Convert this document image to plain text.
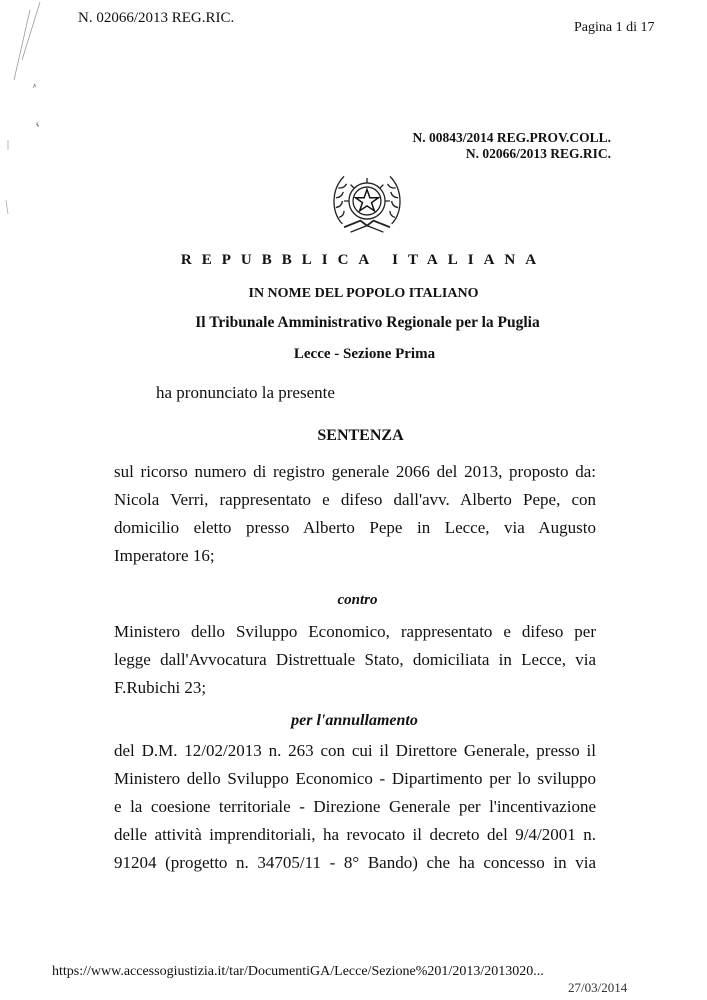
N. 02066/2013 REG.RIC.
Pagina 1 di 17
N. 00843/2014 REG.PROV.COLL.
N. 02066/2013 REG.RIC.
REPUBBLICA ITALIANA
IN NOME DEL POPOLO ITALIANO
Il Tribunale Amministrativo Regionale per la Puglia
Lecce - Sezione Prima
ha pronunciato la presente
SENTENZA
sul ricorso numero di registro generale 2066 del 2013, proposto da:
Nicola Verri, rappresentato e difeso dall'avv. Alberto Pepe, con
domicilio eletto presso Alberto Pepe in Lecce, via Augusto
Imperatore 16;
contro
Ministero dello Sviluppo Economico, rappresentato e difeso per
legge dall'Avvocatura Distrettuale Stato, domiciliata in Lecce, via
F.Rubichi 23;
per l'annullamento
del D.M. 12/02/2013 n. 263 con cui il Direttore Generale, presso il
Ministero dello Sviluppo Economico - Dipartimento per lo sviluppo
e la coesione territoriale - Direzione Generale per l'incentivazione
delle attività imprenditoriali, ha revocato il decreto del 9/4/2001 n.
91204 (progetto n. 34705/11 - 8° Bando) che ha concesso in via
https://www.accessogiustizia.it/tar/DocumentiGA/Lecce/Sezione%201/2013/2013020...
27/03/2014
